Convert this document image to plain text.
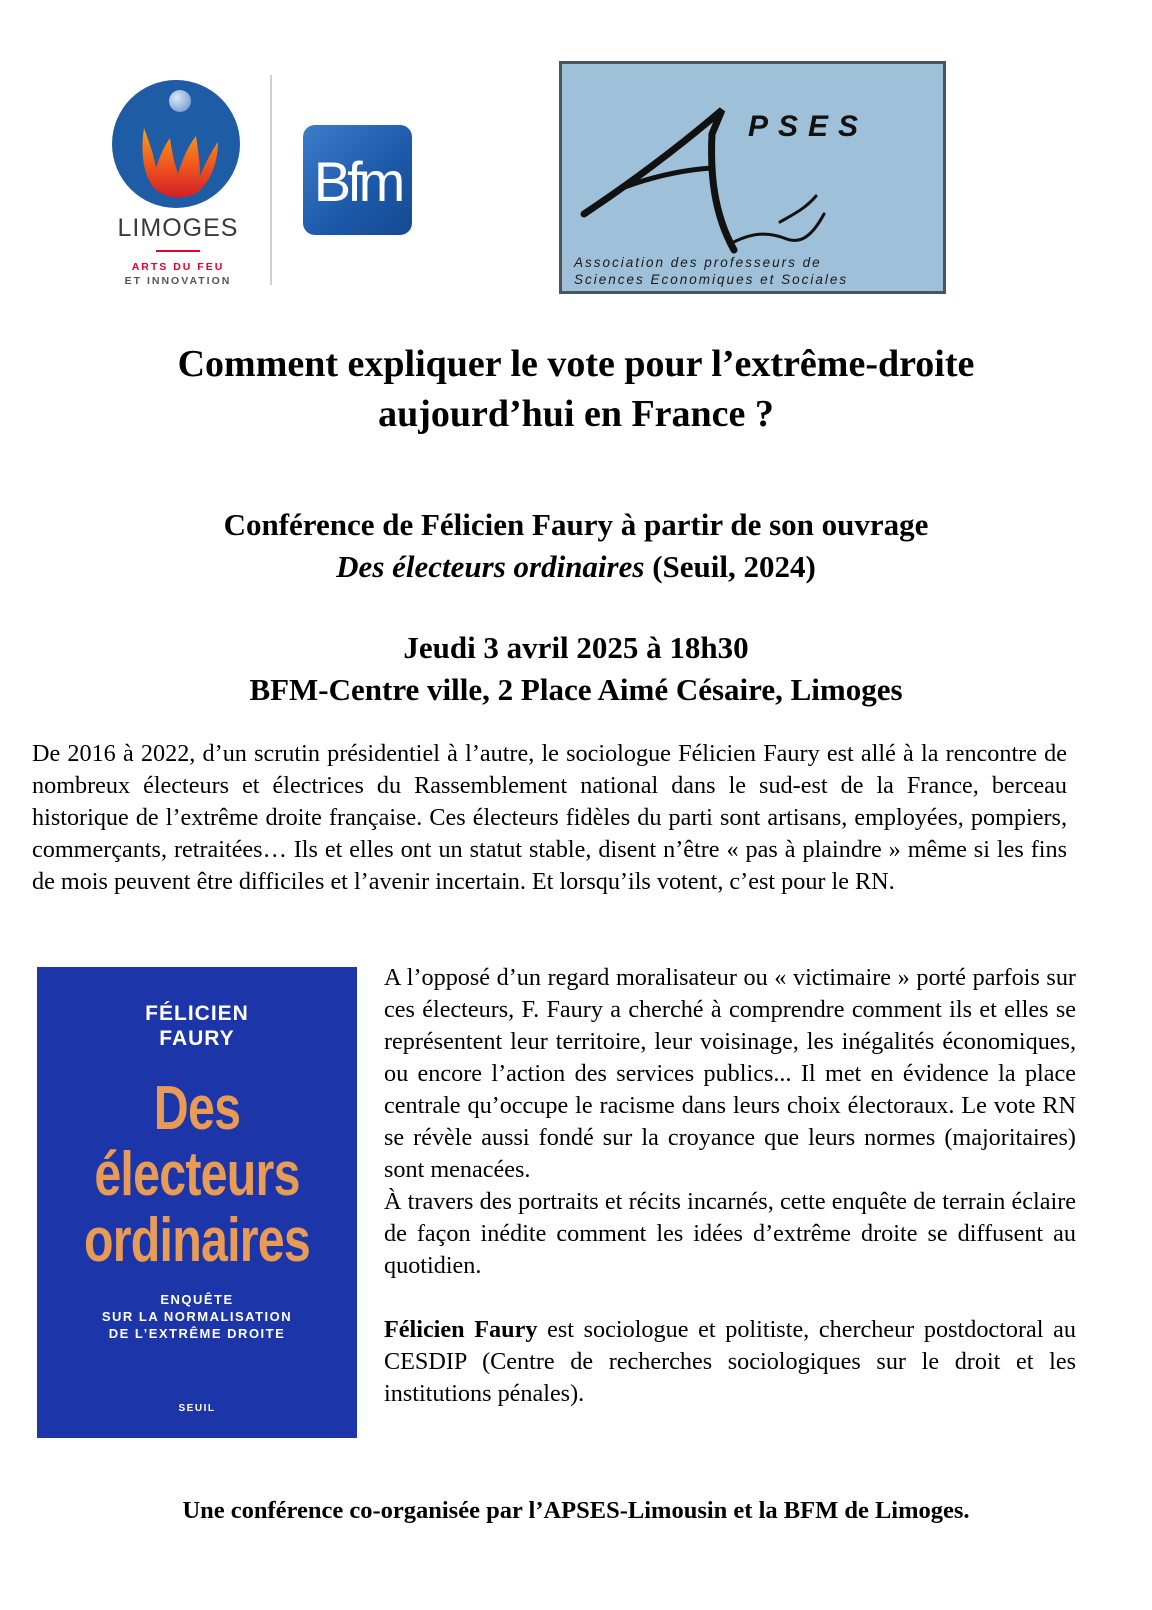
LIMOGES
ARTS DU FEU
ET INNOVATION
Bfm
PSES
Association des professeurs de
Sciences Economiques et Sociales
Comment expliquer le vote pour l’extrême-droite
aujourd’hui en France ?
Conférence de Félicien Faury à partir de son ouvrage
Des électeurs ordinaires (Seuil, 2024)
Jeudi 3 avril 2025 à 18h30
BFM-Centre ville, 2 Place Aimé Césaire, Limoges
De 2016 à 2022, d’un scrutin présidentiel à l’autre, le sociologue Félicien Faury est allé à la rencontre de nombreux électeurs et électrices du Rassemblement national dans le sud-est de la France, berceau historique de l’extrême droite française. Ces électeurs fidèles du parti sont artisans, employées, pompiers, commerçants, retraitées… Ils et elles ont un statut stable, disent n’être « pas à plaindre » même si les fins de mois peuvent être difficiles et l’avenir incertain. Et lorsqu’ils votent, c’est pour le RN.
FÉLICIEN
FAURY
Des
électeurs
ordinaires
ENQUÊTE
SUR LA NORMALISATION
DE L’EXTRÊME DROITE
SEUIL

A l’opposé d’un regard moralisateur ou « victimaire » porté parfois sur ces électeurs, F. Faury a cherché à comprendre comment ils et elles se représentent leur territoire, leur voisinage, les inégalités économiques, ou encore l’action des services publics... Il met en évidence la place centrale qu’occupe le racisme dans leurs choix électoraux. Le vote RN se révèle aussi fondé sur la croyance que leurs normes (majoritaires) sont menacées.

À travers des portraits et récits incarnés, cette enquête de terrain éclaire de façon inédite comment les idées d’extrême droite se diffusent au quotidien.

Félicien Faury est sociologue et politiste, chercheur postdoctoral au CESDIP (Centre de recherches sociologiques sur le droit et les institutions pénales).

Une conférence co-organisée par l’APSES-Limousin et la BFM de Limoges.
